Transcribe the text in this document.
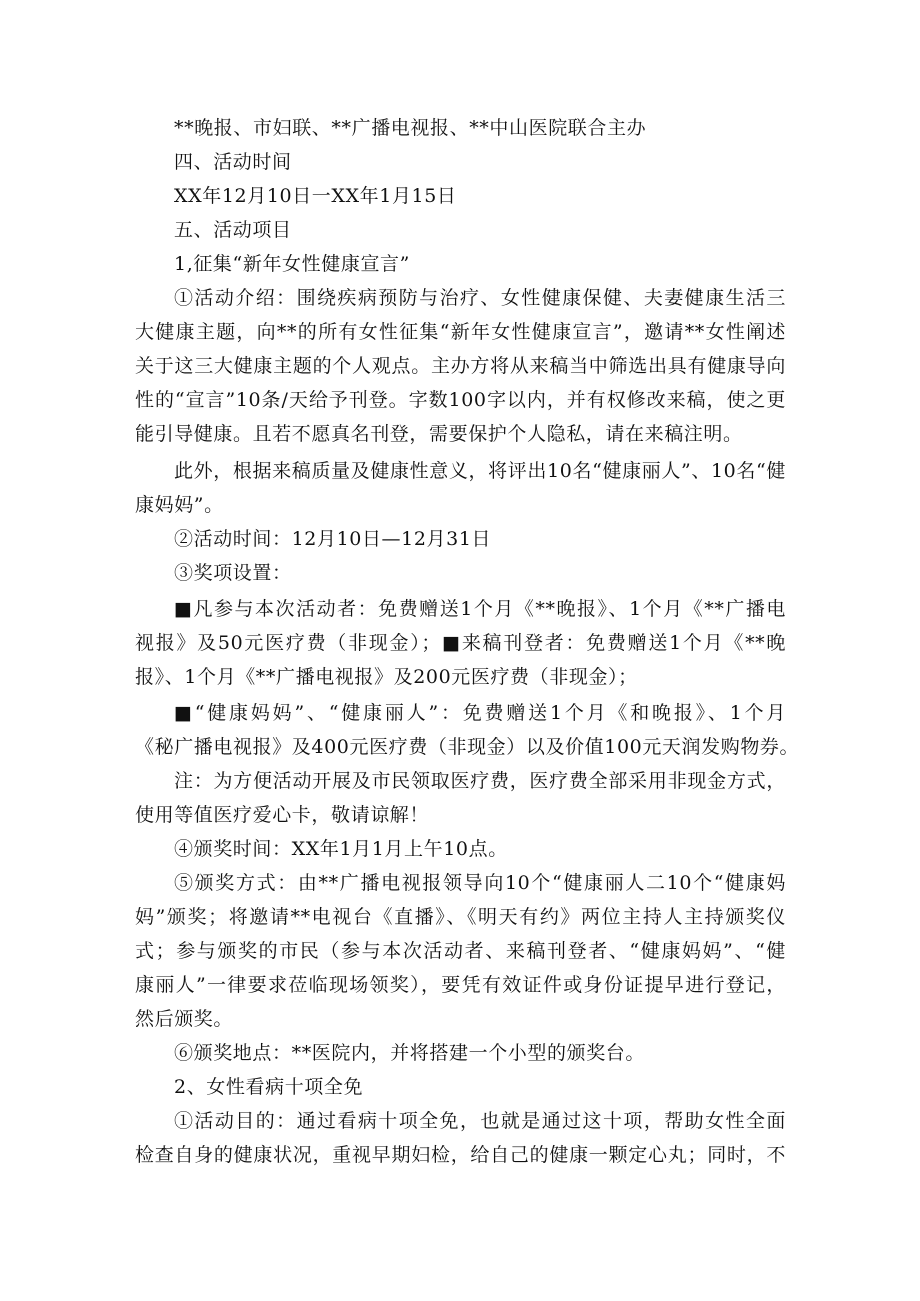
**晚报、市妇联、**广播电视报、**中山医院联合主办
四、活动时间
XX年12月10日一XX年1月15日
五、活动项目
1,征集“新年女性健康宣言”
①活动介绍：围绕疾病预防与治疗、女性健康保健、夫妻健康生活三
大健康主题，向**的所有女性征集“新年女性健康宣言”，邀请**女性阐述
关于这三大健康主题的个人观点。主办方将从来稿当中筛选出具有健康导向
性的“宣言”10条/天给予刊登。字数100字以内，并有权修改来稿，使之更
能引导健康。且若不愿真名刊登，需要保护个人隐私，请在来稿注明。
此外，根据来稿质量及健康性意义，将评出10名“健康丽人”、10名“健
康妈妈”。
②活动时间：12月10日—12月31日
③奖项设置：
■凡参与本次活动者：免费赠送1个月《**晚报》、1个月《**广播电
视报》及50元医疗费（非现金）；■来稿刊登者：免费赠送1个月《**晚
报》、1个月《**广播电视报》及200元医疗费（非现金）；
■“健康妈妈”、“健康丽人”：免费赠送1个月《和晚报》、1个月
《秘广播电视报》及400元医疗费（非现金）以及价值100元天润发购物券。
注：为方便活动开展及市民领取医疗费，医疗费全部采用非现金方式，
使用等值医疗爱心卡，敬请谅解！
④颁奖时间：XX年1月1月上午10点。
⑤颁奖方式：由**广播电视报领导向10个“健康丽人二10个“健康妈
妈”颁奖；将邀请**电视台《直播》、《明天有约》两位主持人主持颁奖仪
式；参与颁奖的市民（参与本次活动者、来稿刊登者、“健康妈妈”、“健
康丽人”一律要求莅临现场领奖），要凭有效证件或身份证提早进行登记，
然后颁奖。
⑥颁奖地点：**医院内，并将搭建一个小型的颁奖台。
2、女性看病十项全免
①活动目的：通过看病十项全免，也就是通过这十项，帮助女性全面
检查自身的健康状况，重视早期妇检，给自己的健康一颗定心丸；同时，不
